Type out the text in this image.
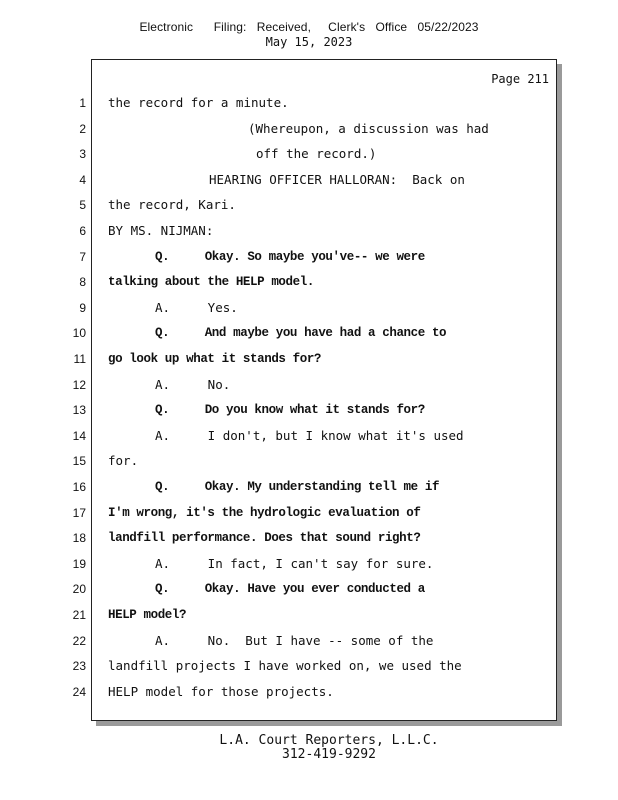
Electronic      Filing:   Received,     Clerk's   Office   05/22/2023
May 15, 2023
Page 211
1 the record for a minute.
2	(Whereupon, a discussion was had
3	off the record.)
4	HEARING OFFICER HALLORAN:  Back on
5 the record, Kari.
6 BY MS. NIJMAN:
7	Q.     Okay. So maybe you've-- we were
8 talking about the HELP model.
9	A.     Yes.
10	Q.     And maybe you have had a chance to
11 go look up what it stands for?
12	A.     No.
13	Q.     Do you know what it stands for?
14	A.     I don't, but I know what it's used
15 for.
16	Q.     Okay. My understanding tell me if
17 I'm wrong, it's the hydrologic evaluation of
18 landfill performance. Does that sound right?
19	A.     In fact, I can't say for sure.
20	Q.     Okay. Have you ever conducted a
21 HELP model?
22	A.     No.  But I have -- some of the
23 landfill projects I have worked on, we used the
24 HELP model for those projects.
L.A. Court Reporters, L.L.C.
312-419-9292
